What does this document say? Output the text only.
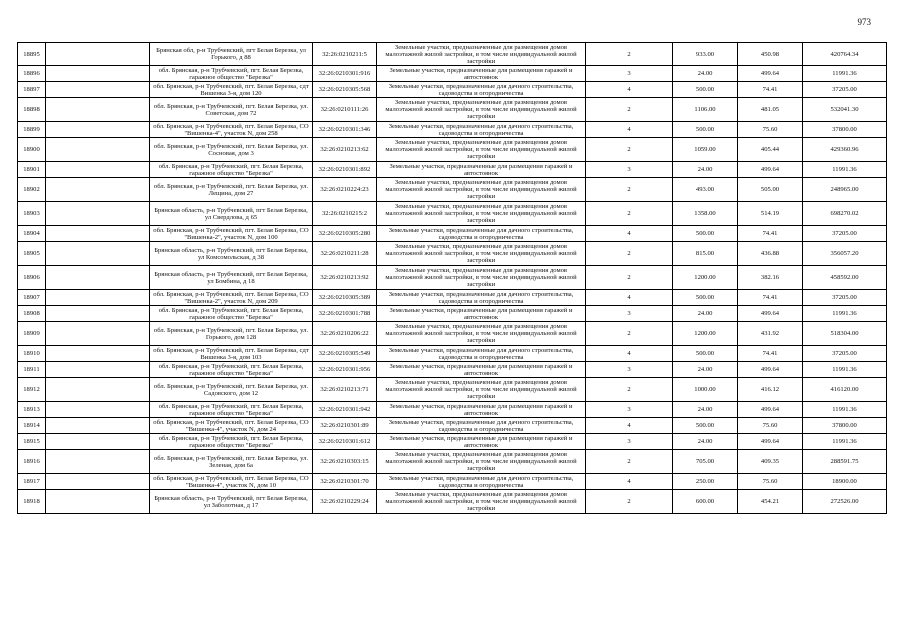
973
18895		Брянская обл, р-н Трубчевский, пгт Белая Березка, ул Горького, д 88	32:26:0210211:5	Земельные участки, предназначенные для размещения домов малоэтажной жилой застройки, в том числе индивидуальной жилой застройки	2	933.00	450.98	420764.34
18896		обл. Брянская, р-н Трубчевский, пгт. Белая Березка, гаражное общество "Березка"	32:26:0210301:916	Земельные участки, предназначенные для размещения гаражей и автостоянок	3	24.00	499.64	11991.36
18897		обл. Брянская, р-н Трубчевский, пгт. Белая Березка, сдт Вишенка 3-я, дом 120	32:26:0210305:568	Земельные участки, предназначенные для дачного строительства, садоводства и огородничества	4	500.00	74.41	37205.00
18898		обл. Брянская, р-н Трубчевский, пгт. Белая Березка, ул. Советская, дом 72	32:26:0210111:26	Земельные участки, предназначенные для размещения домов малоэтажной жилой застройки, в том числе индивидуальной жилой застройки	2	1106.00	481.05	532041.30
18899		обл. Брянская, р-н Трубчевский, пгт. Белая Березка, СО "Вишенка-4", участок N, дом 258	32:26:0210301:346	Земельные участки, предназначенные для дачного строительства, садоводства и огородничества	4	500.00	75.60	37800.00
18900		обл. Брянская, р-н Трубчевский, пгт. Белая Березка, ул. Сосновая, дом 3	32:26:0210213:62	Земельные участки, предназначенные для размещения домов малоэтажной жилой застройки, в том числе индивидуальной жилой застройки	2	1059.00	405.44	429360.96
18901		обл. Брянская, р-н Трубчевский, пгт. Белая Березка, гаражное общество "Березка"	32:26:0210301:892	Земельные участки, предназначенные для размещения гаражей и автостоянок	3	24.00	499.64	11991.36
18902		обл. Брянская, р-н Трубчевский, пгт. Белая Березка, ул. Лещина, дом 27	32:26:0210224:23	Земельные участки, предназначенные для размещения домов малоэтажной жилой застройки, в том числе индивидуальной жилой застройки	2	493.00	505.00	248965.00
18903		Брянская область, р-н Трубчевский, пгт Белая Березка, ул Свердлова, д 65	32:26:0210215:2	Земельные участки, предназначенные для размещения домов малоэтажной жилой застройки, в том числе индивидуальной жилой застройки	2	1358.00	514.19	698270.02
18904		обл. Брянская, р-н Трубчевский, пгт. Белая Березка, СО "Вишенка-2", участок N, дом 100	32:26:0210305:280	Земельные участки, предназначенные для дачного строительства, садоводства и огородничества	4	500.00	74.41	37205.00
18905		Брянская область, р-н Трубчевский, пгт Белая Березка, ул Комсомольская, д 38	32:26:0210211:28	Земельные участки, предназначенные для размещения домов малоэтажной жилой застройки, в том числе индивидуальной жилой застройки	2	815.00	436.88	356057.20
18906		Брянская область, р-н Трубчевский, пгт Белая Березка, ул Бомбина, д 18	32:26:0210213:92	Земельные участки, предназначенные для размещения домов малоэтажной жилой застройки, в том числе индивидуальной жилой застройки	2	1200.00	382.16	458592.00
18907		обл. Брянская, р-н Трубчевский, пгт. Белая Березка, СО "Вишенка-2", участок N, дом 209	32:26:0210305:389	Земельные участки, предназначенные для дачного строительства, садоводства и огородничества	4	500.00	74.41	37205.00
18908		обл. Брянская, р-н Трубчевский, пгт. Белая Березка, гаражное общество "Березка"	32:26:0210301:788	Земельные участки, предназначенные для размещения гаражей и автостоянок	3	24.00	499.64	11991.36
18909		обл. Брянская, р-н Трубчевский, пгт. Белая Березка, ул. Горького, дом 128	32:26:0210206:22	Земельные участки, предназначенные для размещения домов малоэтажной жилой застройки, в том числе индивидуальной жилой застройки	2	1200.00	431.92	518304.00
18910		обл. Брянская, р-н Трубчевский, пгт. Белая Березка, сдт Вишенка 3-я, дом 103	32:26:0210305:549	Земельные участки, предназначенные для дачного строительства, садоводства и огородничества	4	500.00	74.41	37205.00
18911		обл. Брянская, р-н Трубчевский, пгт. Белая Березка, гаражное общество "Березка"	32:26:0210301:956	Земельные участки, предназначенные для размещения гаражей и автостоянок	3	24.00	499.64	11991.36
18912		обл. Брянская, р-н Трубчевский, пгт. Белая Березка, ул. Садовского, дом 12	32:26:0210213:71	Земельные участки, предназначенные для размещения домов малоэтажной жилой застройки, в том числе индивидуальной жилой застройки	2	1000.00	416.12	416120.00
18913		обл. Брянская, р-н Трубчевский, пгт. Белая Березка, гаражное общество "Березка"	32:26:0210301:942	Земельные участки, предназначенные для размещения гаражей и автостоянок	3	24.00	499.64	11991.36
18914		обл. Брянская, р-н Трубчевский, пгт. Белая Березка, СО "Вишенка-4", участок N, дом 24	32:26:0210301:89	Земельные участки, предназначенные для дачного строительства, садоводства и огородничества	4	500.00	75.60	37800.00
18915		обл. Брянская, р-н Трубчевский, пгт. Белая Березка, гаражное общество "Березка"	32:26:0210301:612	Земельные участки, предназначенные для размещения гаражей и автостоянок	3	24.00	499.64	11991.36
18916		обл. Брянская, р-н Трубчевский, пгт. Белая Березка, ул. Зеленая, дом 6а	32:26:0210303:15	Земельные участки, предназначенные для размещения домов малоэтажной жилой застройки, в том числе индивидуальной жилой застройки	2	705.00	409.35	288591.75
18917		обл. Брянская, р-н Трубчевский, пгт. Белая Березка, СО "Вишенка-4", участок N, дом 10	32:26:0210301:70	Земельные участки, предназначенные для дачного строительства, садоводства и огородничества	4	250.00	75.60	18900.00
18918		Брянская область, р-н Трубчевский, пгт Белая Березка, ул Заболотная, д 17	32:26:0210229:24	Земельные участки, предназначенные для размещения домов малоэтажной жилой застройки, в том числе индивидуальной жилой застройки	2	600.00	454.21	272526.00
